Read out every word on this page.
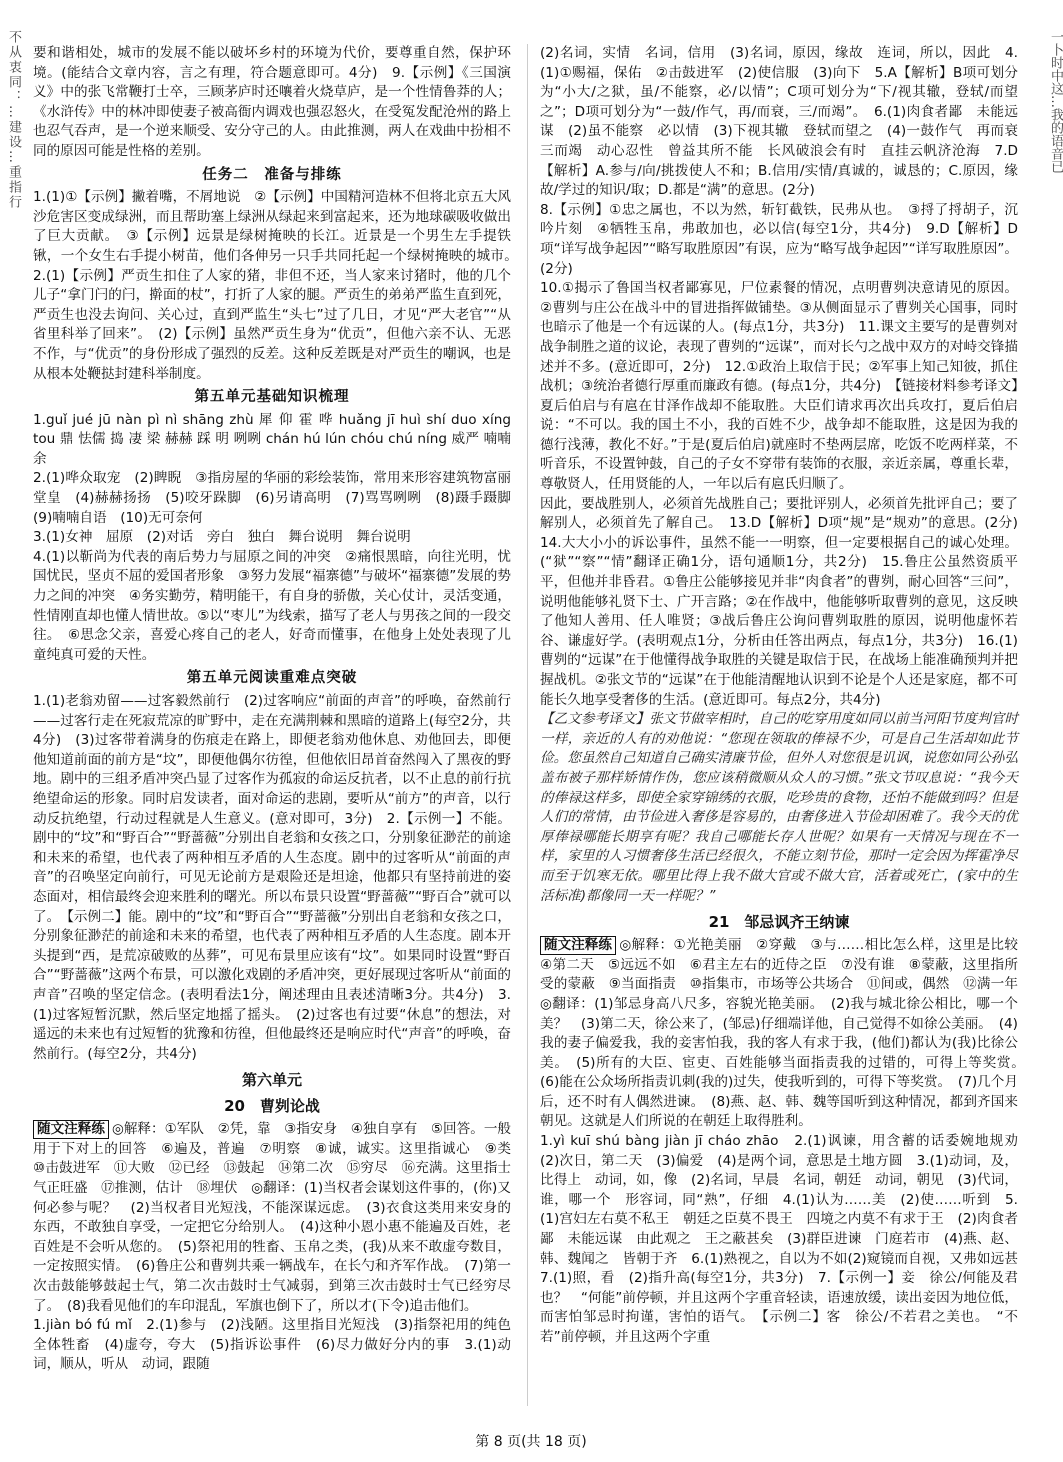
不从衷同：…建设…重指行	一卜时中这…我的语音已

要和谐相处，城市的发展不能以破坏乡村的环境为代价，要尊重自然，保护环境。(能结合文章内容，言之有理，符合题意即可。4分)　9.【示例】《三国演义》中的张飞常鞭打士卒，三顾茅庐时还嚷着火烧草庐，是一个性情鲁莽的人；《水浒传》中的林冲即使妻子被高衙内调戏也强忍怒火，在受冤发配沧州的路上也忍气吞声，是一个逆来顺受、安分守己的人。由此推测，两人在戏曲中扮相不同的原因可能是性格的差别。

任务二　准备与排练

1.(1)①【示例】撇着嘴，不屑地说　②【示例】中国精河造林不但将北京五大风沙危害区变成绿洲，而且帮助塞上绿洲从绿起来到富起来，还为地球碳吸收做出了巨大贡献。　③【示例】远景是绿树掩映的长江。近景是一个男生左手提铁锹，一个女生右手提小树苗，他们各伸另一只手共同托起一个绿树掩映的城市。　2.(1)【示例】严贡生扣住了人家的猪，非但不还，当人家来讨猪时，他的几个儿子“拿门闩的闩，擀面的杖”，打折了人家的腿。严贡生的弟弟严监生直到死，严贡生也没去询问、关心过，直到严监生“头七”过了几日，才见“严大老官”“从省里科举了回来”。　(2)【示例】虽然严贡生身为“优贡”，但他六亲不认、无恶不作，与“优贡”的身份形成了强烈的反差。这种反差既是对严贡生的嘲讽，也是从根本处鞭挞封建科举制度。

第五单元基础知识梳理

1.guǐ jué jū nàn pì nì shāng zhù 犀 仰 霍 哗 huǎng jī huì shí duo xíng tou 鼎 怯儒 捣 凄 梁 赫赫 踩 明 咧咧 chán hú lún chóu chú níng 威严 喃喃 余

2.(1)哗众取宠　(2)睥睨　③指房屋的华丽的彩绘装饰，常用来形容建筑物富丽堂皇　(4)赫赫扬扬　(5)咬牙跺脚　(6)另请高明　(7)骂骂咧咧　(8)蹑手蹑脚　(9)喃喃自语　(10)无可奈何

3.(1)女神　屈原　(2)对话　旁白　独白　舞台说明　舞台说明

4.(1)以靳尚为代表的南后势力与屈原之间的冲突　②痛恨黑暗，向往光明，忧国忧民，坚贞不屈的爱国者形象　③努力发展“福寨德”与破坏“福寨德”发展的势力之间的冲突　④务实勤劳，精明能干，有自身的骄傲，关心仗计，灵活变通，性情刚直却也懂人情世故。⑤以“枣儿”为线索，描写了老人与男孩之间的一段交往。　⑥思念父亲，喜爱心疼自己的老人，好奇而懂事，在他身上处处表现了儿童纯真可爱的天性。

第五单元阅读重难点突破

1.(1)老翁劝留——过客毅然前行　(2)过客响应“前面的声音”的呼唤，奋然前行——过客行走在死寂荒凉的旷野中，走在充满荆棘和黑暗的道路上(每空2分，共4分)　(3)过客带着满身的伤痕走在路上，即便老翁劝他休息、劝他回去，即便他知道前面的前方是“坟”，即便他偶尔彷徨，但他依旧昂首奋然闯入了黑夜的野地。剧中的三组矛盾冲突凸显了过客作为孤寂的命运反抗者，以不止息的前行抗绝望命运的形象。同时启发读者，面对命运的悲剧，要听从“前方”的声音，以行动反抗绝望，行动过程就是人生意义。(意对即可，3分)　2.【示例一】不能。剧中的“坟”和“野百合”“野蔷薇”分别出自老翁和女孩之口，分别象征渺茫的前途和未来的希望，也代表了两种相互矛盾的人生态度。剧中的过客听从“前面的声音”的召唤坚定向前行，可见无论前方是艰险还是坦途，他都只有坚持前进的姿态面对，相信最终会迎来胜利的曙光。所以布景只设置“野蔷薇”“野百合”就可以了。　【示例二】能。剧中的“坟”和“野百合”“野蔷薇”分别出自老翁和女孩之口，分别象征渺茫的前途和未来的希望，也代表了两种相互矛盾的人生态度。剧本开头提到“西，是荒凉破败的丛葬”，可见布景里应该有“坟”。如果同时设置“野百合”“野蔷薇”这两个布景，可以激化戏剧的矛盾冲突，更好展现过客听从“前面的声音”召唤的坚定信念。(表明看法1分，阐述理由且表述清晰3分。共4分)　3.(1)过客短暂沉默，然后坚定地摇了摇头。　(2)过客也有过要“休息”的想法，对遥远的未来也有过短暂的犹豫和彷徨，但他最终还是响应时代“声音”的呼唤，奋然前行。(每空2分，共4分)

第六单元
20　曹刿论战

随文注释练 ◎解释：①军队　②凭，靠　③指安身　④独自享有　⑤回答。一般用于下对上的回答　⑥遍及，普遍　⑦明察　⑧诚，诚实。这里指诚心　⑨类　⑩击鼓进军　⑪大败　⑫已经　⑬鼓起　⑭第二次　⑮穷尽　⑯充满。这里指士气正旺盛　⑰推测，估计　⑱埋伏　◎翻译：(1)当权者会谋划这件事的，(你)又何必参与呢？　(2)当权者目光短浅，不能深谋远虑。　(3)衣食这类用来安身的东西，不敢独自享受，一定把它分给别人。　(4)这种小恩小惠不能遍及百姓，老百姓是不会听从您的。　(5)祭祀用的牲畜、玉帛之类，(我)从来不敢虚夸数目，一定按照实情。　(6)鲁庄公和曹刿共乘一辆战车，在长勺和齐军作战。　(7)第一次击鼓能够鼓起士气，第二次击鼓时士气减弱，到第三次击鼓时士气已经穷尽了。　(8)我看见他们的车印混乱，军旗也倒下了，所以才(下令)追击他们。

1.jiàn bó fú mǐ　2.(1)参与　(2)浅陋。这里指目光短浅　(3)指祭祀用的纯色全体牲畜　(4)虚夸，夸大　(5)指诉讼事件　(6)尽力做好分内的事　3.(1)动词，顺从，听从　动词，跟随

(2)名词，实情　名词，信用　(3)名词，原因，缘故　连词，所以，因此　4.(1)①赐福，保佑　②击鼓进军　(2)使信服　(3)向下　5.A【解析】B项可划分为“小大/之狱，虽/不能察，必/以情”；C项可划分为“下/视其辙，登轼/而望之”；D项可划分为“一鼓/作气，再/而衰，三/而竭”。　6.(1)肉食者鄙　未能远谋　(2)虽不能察　必以情　(3)下视其辙　登轼而望之　(4)一鼓作气　再而衰　三而竭　动心忍性　曾益其所不能　长风破浪会有时　直挂云帆济沧海　7.D【解析】A.参与/向/挑拨使人不和；B.信用/实情/真诚的，诚恳的；C.原因，缘故/学过的知识/取；D.都是“满”的意思。(2分)

8.【示例】①忠之属也，不以为然，斩钉截铁，民弗从也。　③捋了捋胡子，沉吟片刻　④牺牲玉帛，弗敢加也，必以信(每空1分，共4分)　9.D【解析】D项“详写战争起因”“略写取胜原因”有误，应为“略写战争起因”“详写取胜原因”。(2分)

10.①揭示了鲁国当权者鄙寡见，尸位素餐的情况，点明曹刿决意请见的原因。②曹刿与庄公在战斗中的冒进指挥做铺垫。③从侧面显示了曹刿关心国事，同时也暗示了他是一个有远谋的人。(每点1分，共3分)　11.课文主要写的是曹刿对战争制胜之道的议论，表现了曹刿的“远谋”，而对长勺之战中双方的对峙交锋描述并不多。(意近即可，2分)　12.①政治上取信于民；②军事上知己知彼，抓住战机；③统治者德行厚重而廉政有德。(每点1分，共4分)　【链接材料参考译文】夏后伯启与有扈在甘泽作战却不能取胜。大臣们请求再次出兵攻打，夏后伯启说：“不可以。我的国土不小，我的百姓不少，战争却不能取胜，这是因为我的德行浅薄，教化不好。”于是(夏后伯启)就座时不垫两层席，吃饭不吃两样菜，不听音乐，不设置钟鼓，自己的子女不穿带有装饰的衣服，亲近亲属，尊重长辈，尊敬贤人，任用贤能的人，一年以后有扈氏归顺了。

因此，要战胜别人，必须首先战胜自己；要批评别人，必须首先批评自己；要了解别人，必须首先了解自己。　13.D【解析】D项“规”是“规劝”的意思。(2分)　14.大大小小的诉讼事件，虽然不能一一明察，但一定要根据自己的诚心处理。(“狱”“察”“情”翻译正确1分，语句通顺1分，共2分)　15.鲁庄公虽然资质平平，但他并非昏君。①鲁庄公能够接见并非“肉食者”的曹刿，耐心回答“三问”，说明他能够礼贤下士、广开言路；②在作战中，他能够听取曹刿的意见，这反映了他知人善用、任人唯贤；③战后鲁庄公询问曹刿取胜的原因，说明他虚怀若谷、谦虚好学。(表明观点1分，分析由任答出两点，每点1分，共3分)　16.(1)曹刿的“远谋”在于他懂得战争取胜的关键是取信于民，在战场上能准确预判并把握战机。②张文节的“远谋”在于他能清醒地认识到不论是个人还是家庭，都不可能长久地享受奢侈的生活。(意近即可。每点2分，共4分)

【乙文参考译文】张文节做宰相时，自己的吃穿用度如同以前当河阳节度判官时一样，亲近的人有的劝他说：“您现在领取的俸禄不少，可是自己生活却如此节俭。您虽然自己知道自己确实清廉节俭，但外人对您很是讥讽，说您如同公孙弘盖布被子那样矫情作伪，您应该稍微顺从众人的习惯。”张文节叹息说：“我今天的俸禄这样多，即使全家穿锦绣的衣服，吃珍贵的食物，还怕不能做到吗？但是人们的常情，由节俭进入奢侈是容易的，由奢侈进入节俭却困难了。我今天的优厚俸禄哪能长期享有呢？我自己哪能长存人世呢？如果有一天情况与现在不一样，家里的人习惯奢侈生活已经很久，不能立刻节俭，那时一定会因为挥霍净尽而至于饥寒无依。哪里比得上我不做大官或不做大官，活着或死亡，(家中的生活标准)都像同一天一样呢？”

21　邹忌讽齐王纳谏

随文注释练 ◎解释：①光艳美丽　②穿戴　③与……相比怎么样，这里是比较　④第二天　⑤远远不如　⑥君主左右的近侍之臣　⑦没有谁　⑧蒙蔽，这里指所受的蒙蔽　⑨当面指责　⑩指集市，市场等公共场合　⑪间或，偶然　⑫满一年　◎翻译：(1)邹忌身高八尺多，容貌光艳美丽。　(2)我与城北徐公相比，哪一个美？　(3)第二天，徐公来了，(邹忌)仔细端详他，自己觉得不如徐公美丽。　(4)我的妻子偏爱我，我的妾害怕我，我的客人有求于我，(他们)都认为(我)比徐公美。　(5)所有的大臣、宦吏、百姓能够当面指责我的过错的，可得上等奖赏。　(6)能在公众场所指责讥刺(我的)过失，使我听到的，可得下等奖赏。　(7)几个月后，还不时有人偶然进谏。　(8)燕、赵、韩、魏等国听到这种情况，都到齐国来朝见。这就是人们所说的在朝廷上取得胜利。

1.yì kuī shú bàng jiàn jī cháo zhāo　2.(1)讽谏，用含蓄的话委婉地规劝　(2)次日，第二天　(3)偏爱　(4)是两个词，意思是土地方圆　3.(1)动词，及，比得上　动词，如，像　(2)名词，早晨　名词，朝廷　动词，朝见　(3)代词，谁，哪一个　形容词，同“熟”，仔细　4.(1)认为……美　(2)使……听到　5.(1)宫妇左右莫不私王　朝廷之臣莫不畏王　四境之内莫不有求于王　(2)肉食者鄙　未能远谋　由此观之　王之蔽甚矣　(3)群臣进谏　门庭若市　(4)燕、赵、韩、魏闻之　皆朝于齐　6.(1)熟视之，自以为不如(2)窥镜而自视，又弗如远甚　7.(1)照，看　(2)指升高(每空1分，共3分)　7.【示例一】妾　徐公/何能及君也？　“何能”前停顿，并且这两个字重音轻读，语速放缓，读出妾因为地位低，而害怕邹忌时拘谨，害怕的语气。　【示例二】客　徐公/不若君之美也。　“不若”前停顿，并且这两个字重

第 8 页(共 18 页)
